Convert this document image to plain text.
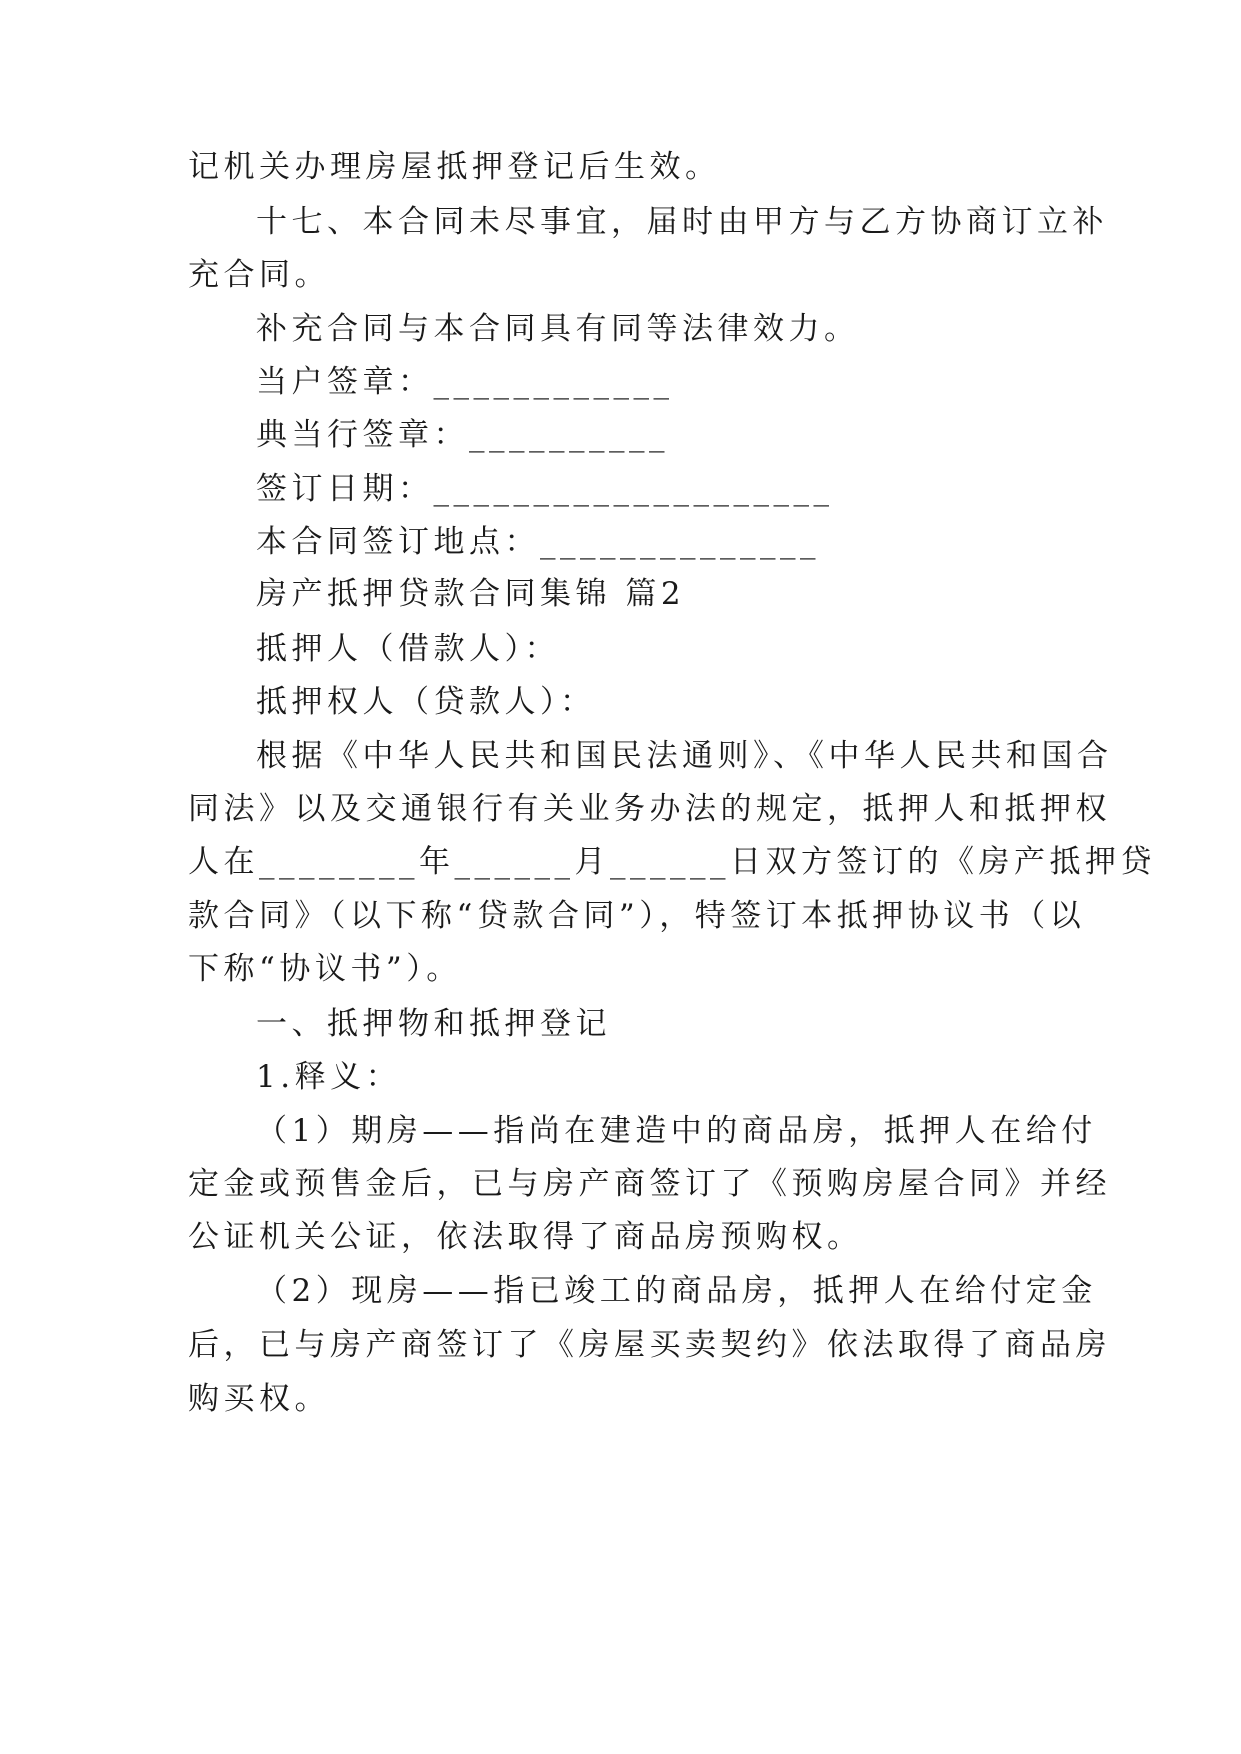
记机关办理房屋抵押登记后生效。
十七、本合同未尽事宜，届时由甲方与乙方协商订立补
充合同。
补充合同与本合同具有同等法律效力。
当户签章：____________
典当行签章：__________
签订日期：____________________
本合同签订地点：______________
房产抵押贷款合同集锦 篇2
抵押人（借款人）：
抵押权人（贷款人）：
根据《中华人民共和国民法通则》、《中华人民共和国合
同法》以及交通银行有关业务办法的规定，抵押人和抵押权
人在________年______月______日双方签订的《房产抵押贷
款合同》（以下称“贷款合同”），特签订本抵押协议书（以
下称“协议书”）。
一、抵押物和抵押登记
1.释义：
（1）期房——指尚在建造中的商品房，抵押人在给付
定金或预售金后，已与房产商签订了《预购房屋合同》并经
公证机关公证，依法取得了商品房预购权。
（2）现房——指已竣工的商品房，抵押人在给付定金
后，已与房产商签订了《房屋买卖契约》依法取得了商品房
购买权。
